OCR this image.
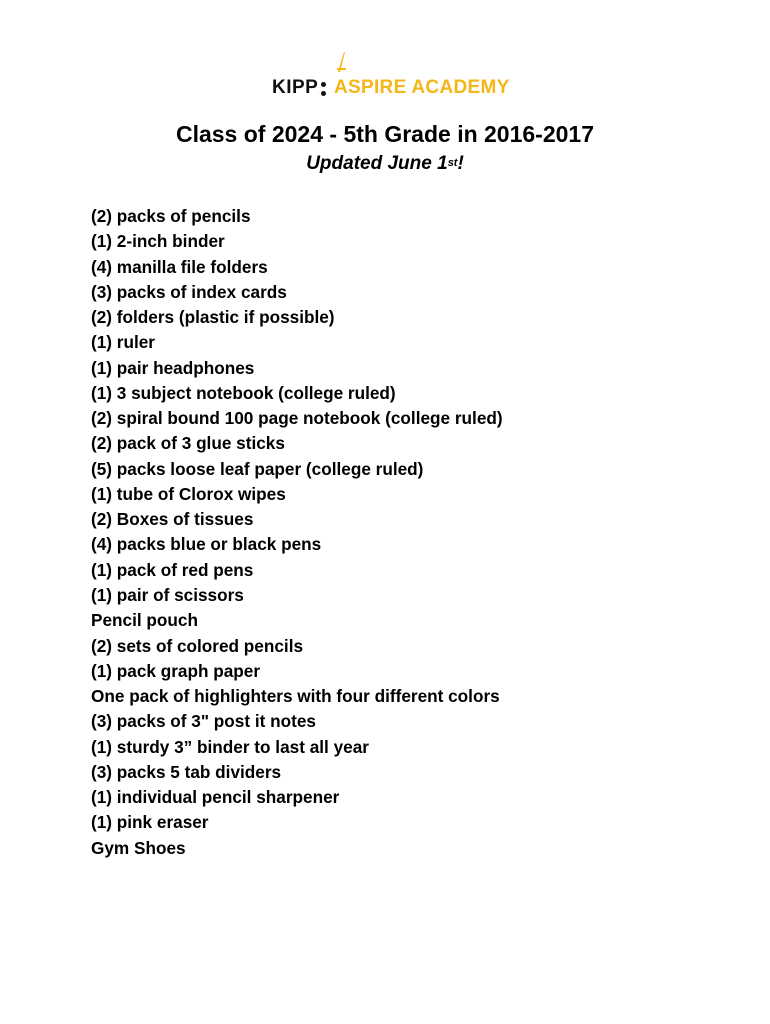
KIPP ASPIRE ACADEMY
Class of 2024 - 5th Grade in 2016-2017

Updated June 1st!

(2) packs of pencils
(1) 2-inch binder
(4) manilla file folders
(3) packs of index cards
(2) folders (plastic if possible)
(1) ruler
(1) pair headphones
(1) 3 subject notebook (college ruled)
(2) spiral bound 100 page notebook (college ruled)
(2) pack of 3 glue sticks
(5) packs loose leaf paper (college ruled)
(1) tube of Clorox wipes
(2) Boxes of tissues
(4) packs blue or black pens
(1) pack of red pens
(1) pair of scissors
Pencil pouch
(2) sets of colored pencils
(1) pack graph paper
One pack of highlighters with four different colors
(3) packs of 3" post it notes
(1) sturdy 3” binder to last all year
(3) packs 5 tab dividers
(1) individual pencil sharpener
(1) pink eraser
Gym Shoes
